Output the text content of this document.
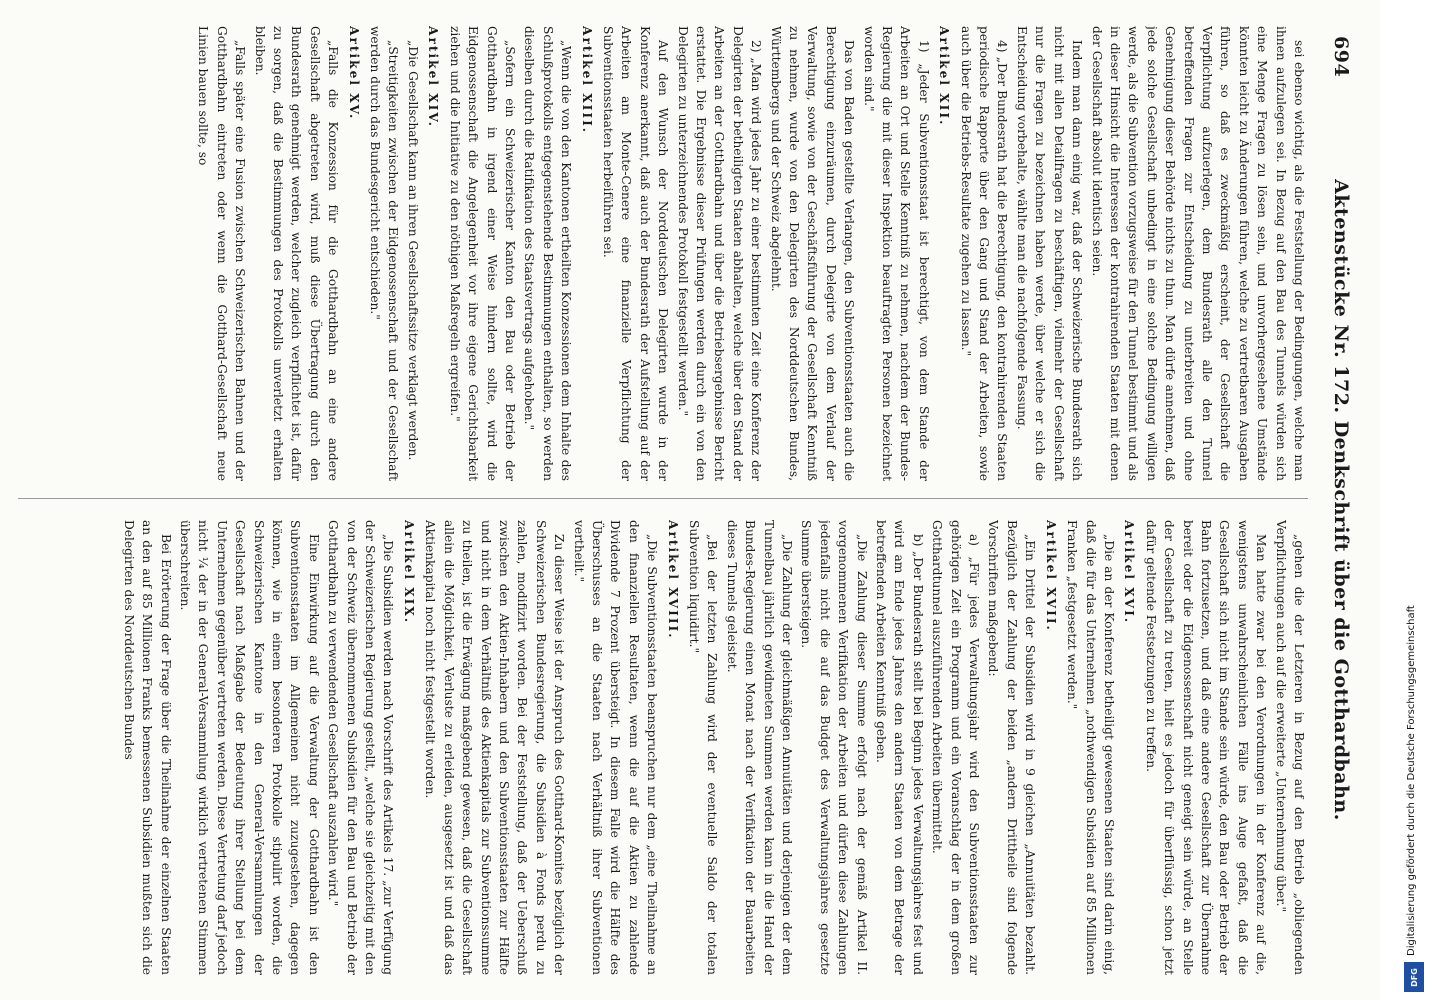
694
Aktenstücke Nr. 172. Denkschrift über die Gotthardbahn.

sei ebenso wichtig, als die Feststellung der Bedingungen, welche man ihnen aufzulegen sei. In Bezug auf den Bau des Tunnels würden sich eine Menge Fragen zu lösen sein, und unvorhergesehene Umstände könnten leicht zu Änderungen führen, welche zu vertretbaren Ausgaben führen, so daß es zweckmäßig erscheint, der Gesellschaft die Verpflichtung aufzuerlegen, dem Bundesrath alle den Tunnel betreffenden Fragen zur Entscheidung zu unterbreiten und ohne Genehmigung dieser Behörde nichts zu thun. Man dürfe annehmen, daß jede solche Gesellschaft unbedingt in eine solche Bedingung willigen werde, als die Subvention vorzugsweise für den Tunnel bestimmt und als in dieser Hinsicht die Interessen der kontrahirenden Staaten mit denen der Gesellschaft absolut identisch seien.

Indem man dann einig war, daß der Schweizerische Bundesrath sich nicht mit allen Detailfragen zu beschäftigen, vielmehr der Gesellschaft nur die Fragen zu bezeichnen haben werde, über welche er sich die Entscheidung vorbehalte, wählte man die nachfolgende Fassung.

4) „Der Bundesrath hat die Berechtigung, den kontrahirenden Staaten periodische Rapporte über den Gang und Stand der Arbeiten, sowie auch über die Betriebs-Resultate zugehen zu lassen."

Artikel XII.

1) „Jeder Subventionsstaat ist berechtigt, von dem Stande der Arbeiten an Ort und Stelle Kenntniß zu nehmen, nachdem der Bundes-Regierung die mit dieser Inspektion beauftragten Personen bezeichnet worden sind."

Das von Baden gestellte Verlangen, den Subventionsstaaten auch die Berechtigung einzuräumen, durch Delegirte von dem Verlauf der Verwaltung, sowie von der Geschäftsführung der Gesellschaft Kenntniß zu nehmen, wurde von den Delegirten des Norddeutschen Bundes, Württembergs und der Schweiz abgelehnt.

2) „Man wird jedes Jahr zu einer bestimmten Zeit eine Konferenz der Delegirten der betheiligten Staaten abhalten, welche über den Stand der Arbeiten an der Gotthardbahn und über die Betriebsergebnisse Bericht erstattet. Die Ergebnisse dieser Prüfungen werden durch ein von den Delegirten zu unterzeichnendes Protokoll festgestellt werden."

Auf den Wunsch der Norddeutschen Delegirten wurde in der Konferenz anerkannt, daß auch der Bundesrath der Aufstellung auf der Arbeiten am Monte-Cenere eine finanzielle Verpflichtung der Subventionsstaaten herbeiführen sei.

Artikel XIII.

„Wenn die von den Kantonen ertheilten Konzessionen dem Inhalte des Schlußprotokolls entgegenstehende Bestimmungen enthalten, so werden dieselben durch die Ratifikation des Staatsvertrags aufgehoben."

„Sofern ein Schweizerischer Kanton den Bau oder Betrieb der Gotthardbahn in irgend einer Weise hindern sollte, wird die Eidgenossenschaft die Angelegenheit vor ihre eigene Gerichtsbarkeit ziehen und die Initiative zu den nöthigen Maßregeln ergreifen."

Artikel XIV.

„Die Gesellschaft kann an ihren Gesellschaftssitze verklagt werden.

„Streitigkeiten zwischen der Eidgenossenschaft und der Gesellschaft werden durch das Bundesgericht entschieden."

Artikel XV.

„Falls die Konzession für die Gotthardbahn an eine andere Gesellschaft abgetreten wird, muß diese Übertragung durch den Bundesrath genehmigt werden, welcher zugleich verpflichtet ist, dafür zu sorgen, daß die Bestimmungen des Protokolls unverletzt erhalten bleiben.

„Falls später eine Fusion zwischen Schweizerischen Bahnen und der Gotthardbahn eintreten oder wenn die Gotthard-Gesellschaft neue Linien bauen sollte, so

„gehen die der Letzteren in Bezug auf den Betrieb „obliegenden Verpflichtungen auch auf die erweiterte „Unternehmung über."

Man hatte zwar bei den Verordnungen in der Konferenz auf die, wenigstens unwahrscheinlichen Fälle ins Auge gefaßt, daß die Gesellschaft sich nicht im Stande sein würde, den Bau oder Betrieb der Bahn fortzusetzen, und daß eine andere Gesellschaft zur Übernahme bereit oder die Eidgenossenschaft nicht geneigt sein würde, an Stelle der Gesellschaft zu treten, hielt es jedoch für überflüssig, schon jetzt dafür geltende Festsetzungen zu treffen.

Artikel XVI.

„Die an der Konferenz betheiligt gewesenen Staaten sind darin einig, daß die für das Unternehmen „nothwendigen Subsidien auf 85 Millionen Franken „festgesetzt werden."

Artikel XVII.

„Ein Drittel der Subsidien wird in 9 gleichen „Annuitäten bezahlt. Bezüglich der Zahlung der beiden „andern Drittheile sind folgende Vorschriften maßgebend:

a) „Für jedes Verwaltungsjahr wird den Subventionsstaaten zur gehörigen Zeit ein Programm und ein Voranschlag der in dem großen Gotthardtunnel auszuführenden Arbeiten übermittelt.

b) „Der Bundesrath stellt bei Beginn jedes Verwaltungsjahres fest und wird am Ende jedes Jahres den andern Staaten von dem Betrage der betreffenden Arbeiten Kenntniß geben.

„Die Zahlung dieser Summe erfolgt nach der gemäß Artikel II. vorgenommenen Verifikation der Arbeiten und dürfen diese Zahlungen jedenfalls nicht die auf das Budget des Verwaltungsjahres gesetzte Summe übersteigen.

„Die Zahlung der gleichmäßigen Annuitäten und derjenigen der dem Tunnelbau jährlich gewidmeten Summen werden kann in die Hand der Bundes-Regierung einen Monat nach der Verifikation der Bauarbeiten dieses Tunnels geleistet.

„Bei der letzten Zahlung wird der eventuelle Saldo der totalen Subvention liquidirt."

Artikel XVIII.

„Die Subventionsstaaten beanspruchen nur dem „eine Theilnahme an den finanziellen Resultaten, wenn die auf die Aktien zu zahlende Dividende 7 Prozent übersteigt. In diesem Falle wird die Hälfte des Überschusses an die Staaten nach Verhältniß ihrer Subventionen vertheilt."

Zu dieser Weise ist der Anspruch des Gotthard-Komites bezüglich der Schweizerischen Bundesregierung, die Subsidien à Fonds perdu zu zahlen, modifizirt worden. Bei der Feststellung, daß der Ueberschuß zwischen den Aktien-Inhabern und den Subventionsstaaten zur Hälfte und nicht in dem Verhältniß des Aktienkapitals zur Subventionssumme zu theilen, ist die Erwägung maßgebend gewesen, daß die Gesellschaft allein die Möglichkeit, Verluste zu erleiden, ausgesetzt ist und daß das Aktienkapital noch nicht festgestellt worden.

Artikel XIX.

„Die Subsidien werden nach Vorschrift des Artikels 17. „zur Verfügung der Schweizerischen Regierung gestellt, „welche sie gleichzeitig mit den von der Schweiz übernommenen Subsidien für den Bau und Betrieb der Gotthardbahn zu verwendenden Gesellschaft auszahlen wird."

Eine Einwirkung auf die Verwaltung der Gotthardbahn ist den Subventionsstaaten im Allgemeinen nicht zuzugestehen, dagegen können, wie in einem besonderen Protokolle stipulirt worden, die Schweizerischen Kantone in den General-Versammlungen der Gesellschaft nach Maßgabe der Bedeutung ihrer Stellung bei dem Unternehmen gegenüber vertreten werden. Diese Vertretung darf jedoch nicht ¼ der in der General-Versammlung wirklich vertretenen Stimmen überschreiten.

Bei Erörterung der Frage über die Theilnahme der einzelnen Staaten an den auf 85 Millionen Franks bemessenen Subsidien mußten sich die Delegirten des Norddeutschen Bundes	Digitalisierung gefördert durch die Deutsche Forschungsgemeinschaft
DFG
